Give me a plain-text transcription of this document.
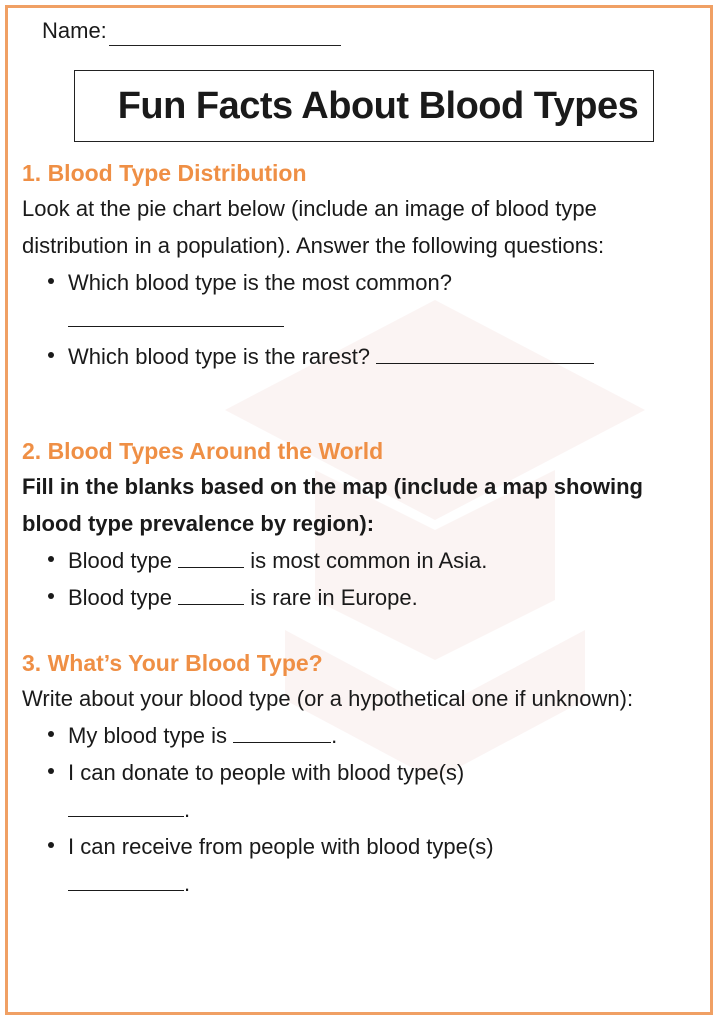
Name:
Fun Facts About Blood Types

1. Blood Type Distribution

Look at the pie chart below (include an image of blood type distribution in a population). Answer the following questions:

Which blood type is the most common?

Which blood type is the rarest?

2. Blood Types Around the World

Fill in the blanks based on the map (include a map showing blood type prevalence by region):

Blood type	is most common in Asia.
Blood type	is rare in Europe.

3. What’s Your Blood Type?

Write about your blood type (or a hypothetical one if unknown):

My blood type is	.
I can donate to people with blood type(s)
.
I can receive from people with blood type(s)
.
